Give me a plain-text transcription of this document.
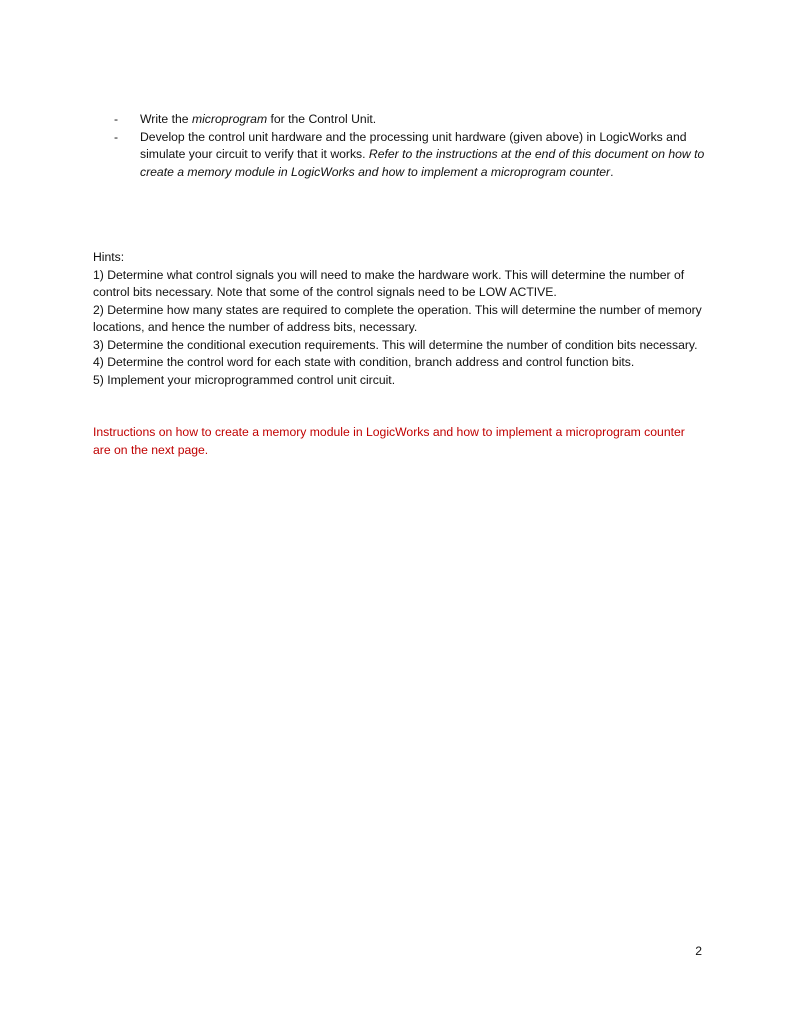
-	Write the microprogram for the Control Unit.
-	Develop the control unit hardware and the processing unit hardware (given above) in LogicWorks and simulate your circuit to verify that it works. Refer to the instructions at the end of this document on how to create a memory module in LogicWorks and how to implement a microprogram counter.

Hints:

1) Determine what control signals you will need to make the hardware work. This will determine the number of control bits necessary. Note that some of the control signals need to be LOW ACTIVE.

2) Determine how many states are required to complete the operation. This will determine the number of memory locations, and hence the number of address bits, necessary.

3) Determine the conditional execution requirements. This will determine the number of condition bits necessary.

4) Determine the control word for each state with condition, branch address and control function bits.

5) Implement your microprogrammed control unit circuit.

Instructions on how to create a memory module in LogicWorks and how to implement a microprogram counter are on the next page.

2
